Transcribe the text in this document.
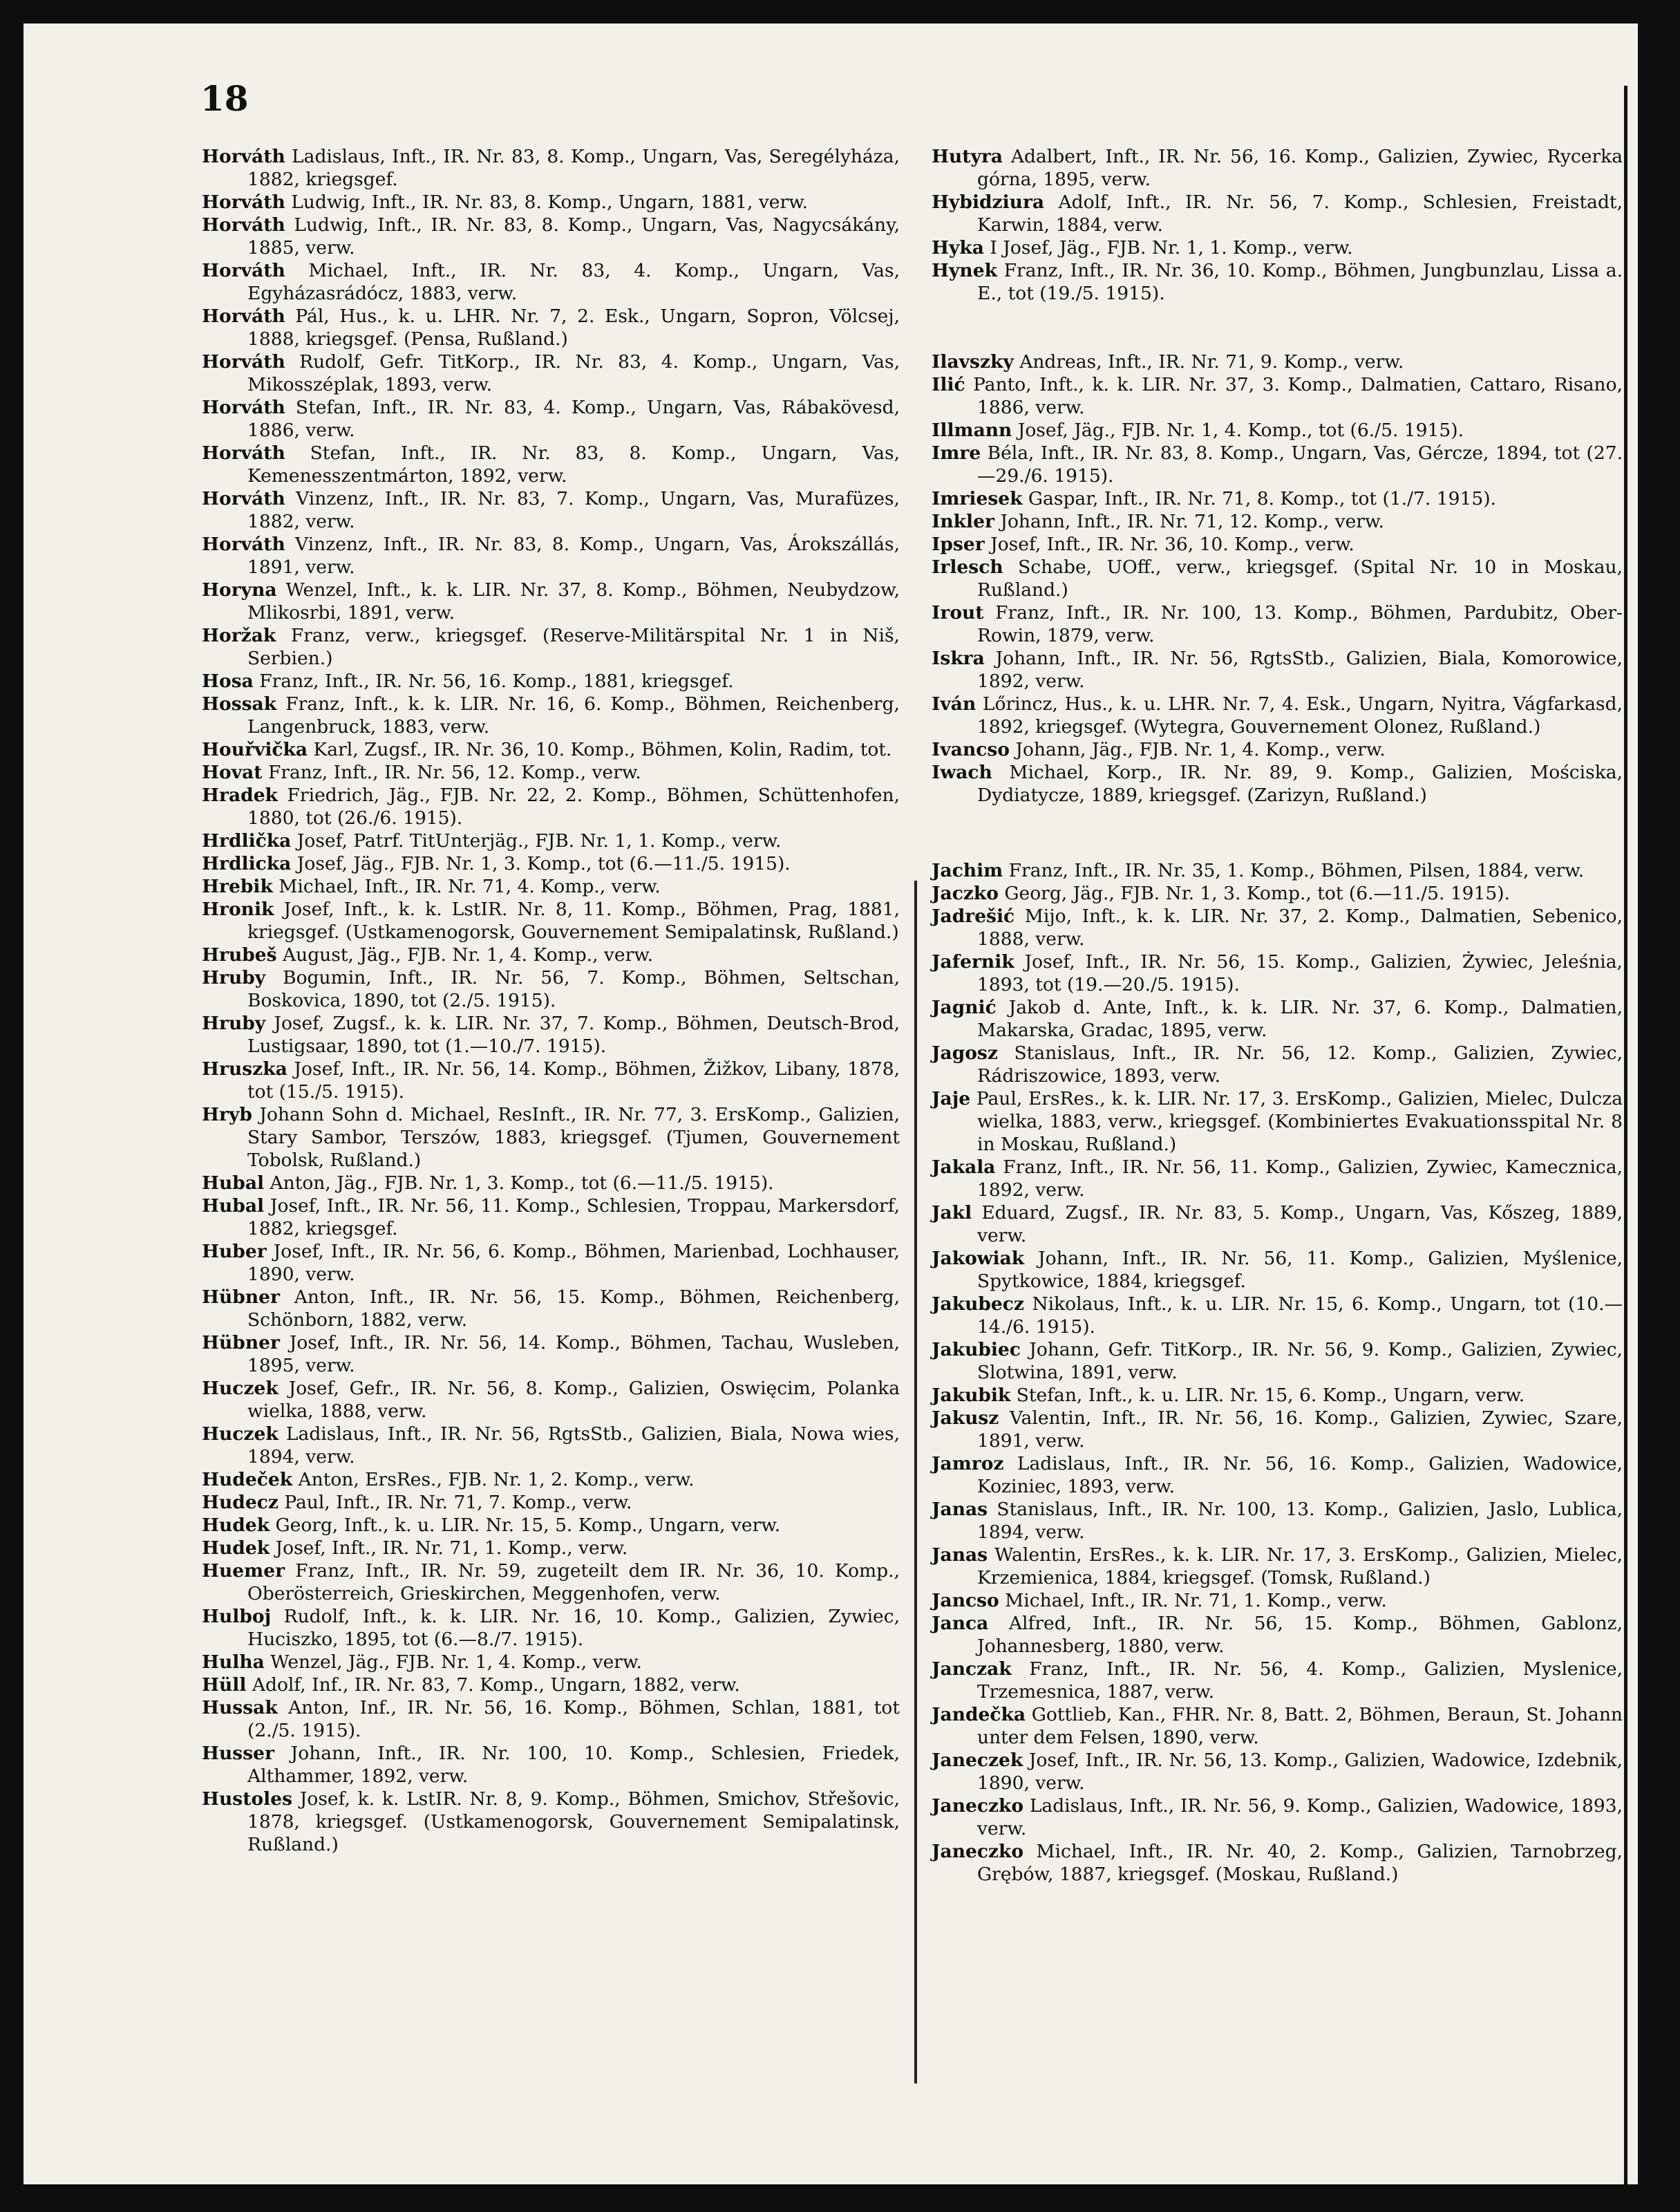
18
Horváth Ladislaus, Inft., IR. Nr. 83, 8. Komp., Ungarn, Vas, Seregélyháza, 1882, kriegsgef.
Horváth Ludwig, Inft., IR. Nr. 83, 8. Komp., Ungarn, 1881, verw.
Horváth Ludwig, Inft., IR. Nr. 83, 8. Komp., Ungarn, Vas, Nagycsákány, 1885, verw.
Horváth Michael, Inft., IR. Nr. 83, 4. Komp., Ungarn, Vas, Egyházasrádócz, 1883, verw.
Horváth Pál, Hus., k. u. LHR. Nr. 7, 2. Esk., Ungarn, Sopron, Völcsej, 1888, kriegsgef. (Pensa, Rußland.)
Horváth Rudolf, Gefr. TitKorp., IR. Nr. 83, 4. Komp., Ungarn, Vas, Mikosszéplak, 1893, verw.
Horváth Stefan, Inft., IR. Nr. 83, 4. Komp., Ungarn, Vas, Rábakövesd, 1886, verw.
Horváth Stefan, Inft., IR. Nr. 83, 8. Komp., Ungarn, Vas, Kemenesszentmárton, 1892, verw.
Horváth Vinzenz, Inft., IR. Nr. 83, 7. Komp., Ungarn, Vas, Murafüzes, 1882, verw.
Horváth Vinzenz, Inft., IR. Nr. 83, 8. Komp., Ungarn, Vas, Árokszállás, 1891, verw.
Horyna Wenzel, Inft., k. k. LIR. Nr. 37, 8. Komp., Böhmen, Neubydzow, Mlikosrbi, 1891, verw.
Horžak Franz, verw., kriegsgef. (Reserve-Militärspital Nr. 1 in Niš, Serbien.)
Hosa Franz, Inft., IR. Nr. 56, 16. Komp., 1881, kriegsgef.
Hossak Franz, Inft., k. k. LIR. Nr. 16, 6. Komp., Böhmen, Reichenberg, Langenbruck, 1883, verw.
Houřvička Karl, Zugsf., IR. Nr. 36, 10. Komp., Böhmen, Kolin, Radim, tot.
Hovat Franz, Inft., IR. Nr. 56, 12. Komp., verw.
Hradek Friedrich, Jäg., FJB. Nr. 22, 2. Komp., Böhmen, Schüttenhofen, 1880, tot (26./6. 1915).
Hrdlička Josef, Patrf. TitUnterjäg., FJB. Nr. 1, 1. Komp., verw.
Hrdlicka Josef, Jäg., FJB. Nr. 1, 3. Komp., tot (6.—11./5. 1915).
Hrebik Michael, Inft., IR. Nr. 71, 4. Komp., verw.
Hronik Josef, Inft., k. k. LstIR. Nr. 8, 11. Komp., Böhmen, Prag, 1881, kriegsgef. (Ustkamenogorsk, Gouvernement Semipalatinsk, Rußland.)
Hrubeš August, Jäg., FJB. Nr. 1, 4. Komp., verw.
Hruby Bogumin, Inft., IR. Nr. 56, 7. Komp., Böhmen, Seltschan, Boskovica, 1890, tot (2./5. 1915).
Hruby Josef, Zugsf., k. k. LIR. Nr. 37, 7. Komp., Böhmen, Deutsch-Brod, Lustigsaar, 1890, tot (1.—10./7. 1915).
Hruszka Josef, Inft., IR. Nr. 56, 14. Komp., Böhmen, Žižkov, Libany, 1878, tot (15./5. 1915).
Hryb Johann Sohn d. Michael, ResInft., IR. Nr. 77, 3. ErsKomp., Galizien, Stary Sambor, Terszów, 1883, kriegsgef. (Tjumen, Gouvernement Tobolsk, Rußland.)
Hubal Anton, Jäg., FJB. Nr. 1, 3. Komp., tot (6.—11./5. 1915).
Hubal Josef, Inft., IR. Nr. 56, 11. Komp., Schlesien, Troppau, Markersdorf, 1882, kriegsgef.
Huber Josef, Inft., IR. Nr. 56, 6. Komp., Böhmen, Marienbad, Lochhauser, 1890, verw.
Hübner Anton, Inft., IR. Nr. 56, 15. Komp., Böhmen, Reichenberg, Schönborn, 1882, verw.
Hübner Josef, Inft., IR. Nr. 56, 14. Komp., Böhmen, Tachau, Wusleben, 1895, verw.
Huczek Josef, Gefr., IR. Nr. 56, 8. Komp., Galizien, Oswięcim, Polanka wielka, 1888, verw.
Huczek Ladislaus, Inft., IR. Nr. 56, RgtsStb., Galizien, Biala, Nowa wies, 1894, verw.
Hudeček Anton, ErsRes., FJB. Nr. 1, 2. Komp., verw.
Hudecz Paul, Inft., IR. Nr. 71, 7. Komp., verw.
Hudek Georg, Inft., k. u. LIR. Nr. 15, 5. Komp., Ungarn, verw.
Hudek Josef, Inft., IR. Nr. 71, 1. Komp., verw.
Huemer Franz, Inft., IR. Nr. 59, zugeteilt dem IR. Nr. 36, 10. Komp., Oberösterreich, Grieskirchen, Meggenhofen, verw.
Hulboj Rudolf, Inft., k. k. LIR. Nr. 16, 10. Komp., Galizien, Zywiec, Huciszko, 1895, tot (6.—8./7. 1915).
Hulha Wenzel, Jäg., FJB. Nr. 1, 4. Komp., verw.
Hüll Adolf, Inf., IR. Nr. 83, 7. Komp., Ungarn, 1882, verw.
Hussak Anton, Inf., IR. Nr. 56, 16. Komp., Böhmen, Schlan, 1881, tot (2./5. 1915).
Husser Johann, Inft., IR. Nr. 100, 10. Komp., Schlesien, Friedek, Althammer, 1892, verw.
Hustoles Josef, k. k. LstIR. Nr. 8, 9. Komp., Böhmen, Smichov, Střešovic, 1878, kriegsgef. (Ustkamenogorsk, Gouvernement Semipalatinsk, Rußland.)
Hutyra Adalbert, Inft., IR. Nr. 56, 16. Komp., Galizien, Zywiec, Rycerka górna, 1895, verw.
Hybidziura Adolf, Inft., IR. Nr. 56, 7. Komp., Schlesien, Freistadt, Karwin, 1884, verw.
Hyka I Josef, Jäg., FJB. Nr. 1, 1. Komp., verw.
Hynek Franz, Inft., IR. Nr. 36, 10. Komp., Böhmen, Jungbunzlau, Lissa a. E., tot (19./5. 1915).
Ilavszky Andreas, Inft., IR. Nr. 71, 9. Komp., verw.
Ilić Panto, Inft., k. k. LIR. Nr. 37, 3. Komp., Dalmatien, Cattaro, Risano, 1886, verw.
Illmann Josef, Jäg., FJB. Nr. 1, 4. Komp., tot (6./5. 1915).
Imre Béla, Inft., IR. Nr. 83, 8. Komp., Ungarn, Vas, Gércze, 1894, tot (27.—29./6. 1915).
Imriesek Gaspar, Inft., IR. Nr. 71, 8. Komp., tot (1./7. 1915).
Inkler Johann, Inft., IR. Nr. 71, 12. Komp., verw.
Ipser Josef, Inft., IR. Nr. 36, 10. Komp., verw.
Irlesch Schabe, UOff., verw., kriegsgef. (Spital Nr. 10 in Moskau, Rußland.)
Irout Franz, Inft., IR. Nr. 100, 13. Komp., Böhmen, Pardubitz, Ober-Rowin, 1879, verw.
Iskra Johann, Inft., IR. Nr. 56, RgtsStb., Galizien, Biala, Komorowice, 1892, verw.
Iván Lőrincz, Hus., k. u. LHR. Nr. 7, 4. Esk., Ungarn, Nyitra, Vágfarkasd, 1892, kriegsgef. (Wytegra, Gouvernement Olonez, Rußland.)
Ivancso Johann, Jäg., FJB. Nr. 1, 4. Komp., verw.
Iwach Michael, Korp., IR. Nr. 89, 9. Komp., Galizien, Mościska, Dydiatycze, 1889, kriegsgef. (Zarizyn, Rußland.)
Jachim Franz, Inft., IR. Nr. 35, 1. Komp., Böhmen, Pilsen, 1884, verw.
Jaczko Georg, Jäg., FJB. Nr. 1, 3. Komp., tot (6.—11./5. 1915).
Jadrešić Mijo, Inft., k. k. LIR. Nr. 37, 2. Komp., Dalmatien, Sebenico, 1888, verw.
Jafernik Josef, Inft., IR. Nr. 56, 15. Komp., Galizien, Żywiec, Jeleśnia, 1893, tot (19.—20./5. 1915).
Jagnić Jakob d. Ante, Inft., k. k. LIR. Nr. 37, 6. Komp., Dalmatien, Makarska, Gradac, 1895, verw.
Jagosz Stanislaus, Inft., IR. Nr. 56, 12. Komp., Galizien, Zywiec, Rádriszowice, 1893, verw.
Jaje Paul, ErsRes., k. k. LIR. Nr. 17, 3. ErsKomp., Galizien, Mielec, Dulcza wielka, 1883, verw., kriegsgef. (Kombiniertes Evakuationsspital Nr. 8 in Moskau, Rußland.)
Jakala Franz, Inft., IR. Nr. 56, 11. Komp., Galizien, Zywiec, Kamecznica, 1892, verw.
Jakl Eduard, Zugsf., IR. Nr. 83, 5. Komp., Ungarn, Vas, Kőszeg, 1889, verw.
Jakowiak Johann, Inft., IR. Nr. 56, 11. Komp., Galizien, Myślenice, Spytkowice, 1884, kriegsgef.
Jakubecz Nikolaus, Inft., k. u. LIR. Nr. 15, 6. Komp., Ungarn, tot (10.—14./6. 1915).
Jakubiec Johann, Gefr. TitKorp., IR. Nr. 56, 9. Komp., Galizien, Zywiec, Slotwina, 1891, verw.
Jakubik Stefan, Inft., k. u. LIR. Nr. 15, 6. Komp., Ungarn, verw.
Jakusz Valentin, Inft., IR. Nr. 56, 16. Komp., Galizien, Zywiec, Szare, 1891, verw.
Jamroz Ladislaus, Inft., IR. Nr. 56, 16. Komp., Galizien, Wadowice, Koziniec, 1893, verw.
Janas Stanislaus, Inft., IR. Nr. 100, 13. Komp., Galizien, Jaslo, Lublica, 1894, verw.
Janas Walentin, ErsRes., k. k. LIR. Nr. 17, 3. ErsKomp., Galizien, Mielec, Krzemienica, 1884, kriegsgef. (Tomsk, Rußland.)
Jancso Michael, Inft., IR. Nr. 71, 1. Komp., verw.
Janca Alfred, Inft., IR. Nr. 56, 15. Komp., Böhmen, Gablonz, Johannesberg, 1880, verw.
Janczak Franz, Inft., IR. Nr. 56, 4. Komp., Galizien, Myslenice, Trzemesnica, 1887, verw.
Jandečka Gottlieb, Kan., FHR. Nr. 8, Batt. 2, Böhmen, Beraun, St. Johann unter dem Felsen, 1890, verw.
Janeczek Josef, Inft., IR. Nr. 56, 13. Komp., Galizien, Wadowice, Izdebnik, 1890, verw.
Janeczko Ladislaus, Inft., IR. Nr. 56, 9. Komp., Galizien, Wadowice, 1893, verw.
Janeczko Michael, Inft., IR. Nr. 40, 2. Komp., Galizien, Tarnobrzeg, Grębów, 1887, kriegsgef. (Moskau, Rußland.)
